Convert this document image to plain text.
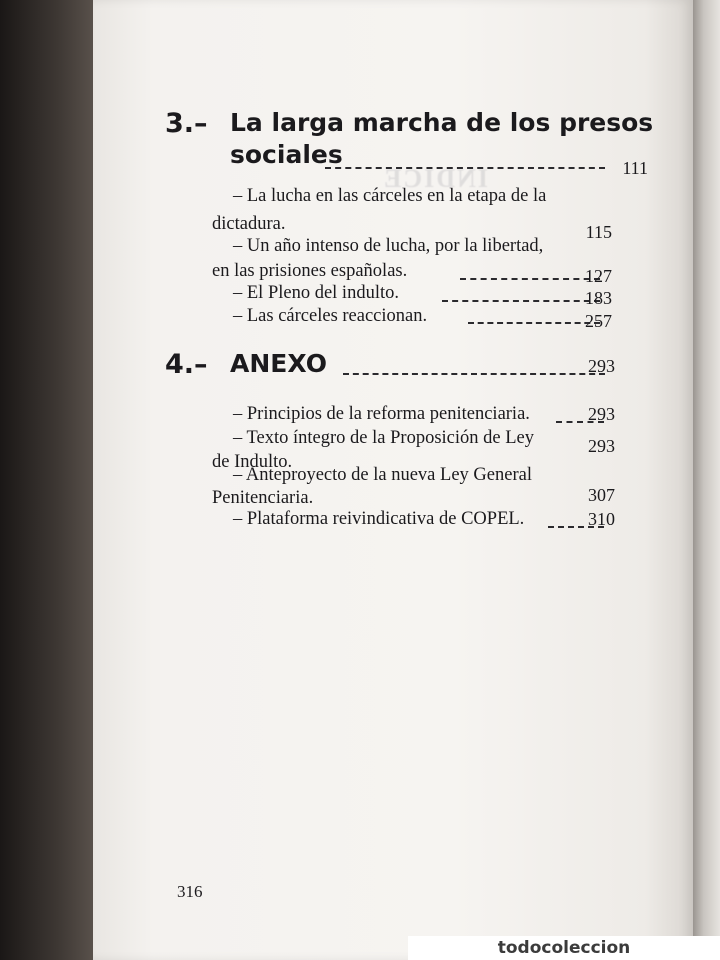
INDICE
3.– La larga marcha de los presos
sociales	111
– La lucha en las cárceles en la etapa de la
dictadura.	115
– Un año intenso de lucha, por la libertad,
en las prisiones españolas.	127
– El Pleno del indulto.	183
– Las cárceles reaccionan.	257
4.– ANEXO	293
– Principios de la reforma penitenciaria.	293
– Texto íntegro de la Proposición de Ley
de Indulto.
293
– Anteproyecto de la nueva Ley General
Penitenciaria.	307
– Plataforma reivindicativa de COPEL.	310
316
todocoleccion
